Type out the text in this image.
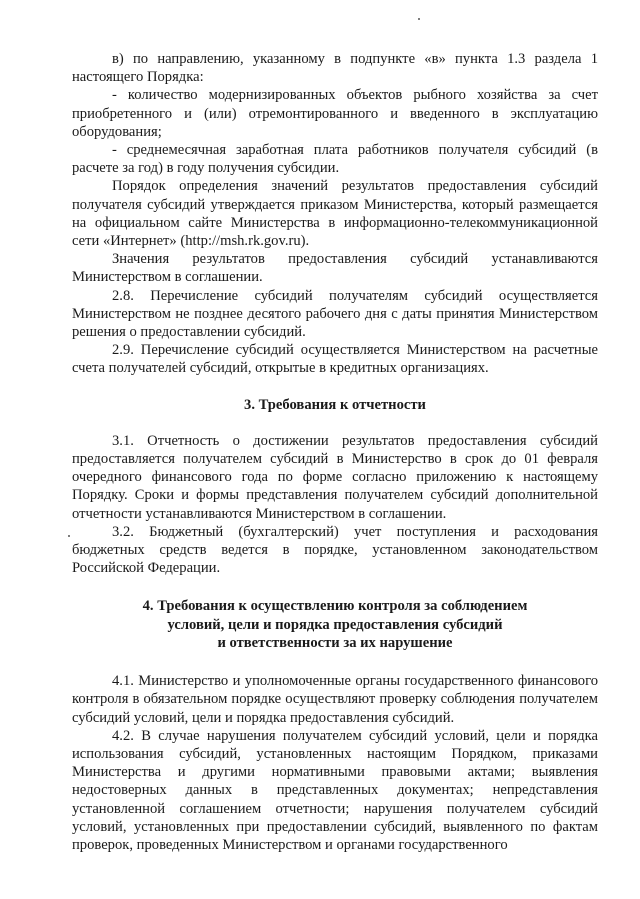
в) по направлению, указанному в подпункте «в» пункта 1.3 раздела 1 настоящего Порядка:

- количество модернизированных объектов рыбного хозяйства за счет приобретенного и (или) отремонтированного и введенного в эксплуатацию оборудования;

- среднемесячная заработная плата работников получателя субсидий (в расчете за год) в году получения субсидии.

Порядок определения значений результатов предоставления субсидий получателя субсидий утверждается приказом Министерства, который размещается на официальном сайте Министерства в информационно-телекоммуникационной сети «Интернет» (http://msh.rk.gov.ru).

Значения результатов предоставления субсидий устанавливаются Министерством в соглашении.

2.8. Перечисление субсидий получателям субсидий осуществляется Министерством не позднее десятого рабочего дня с даты принятия Министерством решения о предоставлении субсидий.

2.9. Перечисление субсидий осуществляется Министерством на расчетные счета получателей субсидий, открытые в кредитных организациях.

3. Требования к отчетности

3.1. Отчетность о достижении результатов предоставления субсидий предоставляется получателем субсидий в Министерство в срок до 01 февраля очередного финансового года по форме согласно приложению к настоящему Порядку. Сроки и формы представления получателем субсидий дополнительной отчетности устанавливаются Министерством в соглашении.

3.2. Бюджетный (бухгалтерский) учет поступления и расходования бюджетных средств ведется в порядке, установленном законодательством Российской Федерации.

4. Требования к осуществлению контроля за соблюдением

условий, цели и порядка предоставления субсидий

и ответственности за их нарушение

4.1. Министерство и уполномоченные органы государственного финансового контроля в обязательном порядке осуществляют проверку соблюдения получателем субсидий условий, цели и порядка предоставления субсидий.

4.2. В случае нарушения получателем субсидий условий, цели и порядка использования субсидий, установленных настоящим Порядком, приказами Министерства и другими нормативными правовыми актами; выявления недостоверных данных в представленных документах; непредставления установленной соглашением отчетности; нарушения получателем субсидий условий, установленных при предоставлении субсидий, выявленного по фактам проверок, проведенных Министерством и органами государственного
